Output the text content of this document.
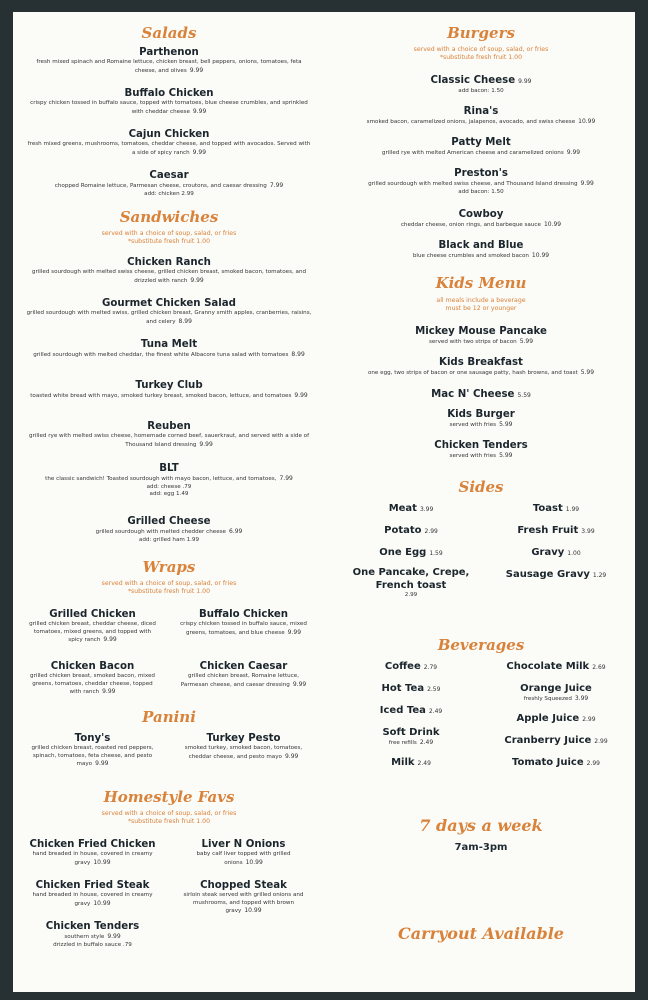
Salads
Parthenon
fresh mixed spinach and Romaine lettuce, chicken breast, bell peppers, onions, tomatoes, feta cheese, and olives 9.99
Buffalo Chicken
crispy chicken tossed in buffalo sauce, topped with tomatoes, blue cheese crumbles, and sprinkled with cheddar cheese 9.99
Cajun Chicken
fresh mixed greens, mushrooms, tomatoes, cheddar cheese, and topped with avocados. Served with a side of spicy ranch 9.99
Caesar
chopped Romaine lettuce, Parmesan cheese, croutons, and caesar dressing 7.99
add: chicken 2.99
Sandwiches
served with a choice of soup, salad, or fries
*substitute fresh fruit 1.00
Chicken Ranch
grilled sourdough with melted swiss cheese, grilled chicken breast, smoked bacon, tomatoes, and drizzled with ranch 9.99
Gourmet Chicken Salad
grilled sourdough with melted swiss, grilled chicken breast, Granny smith apples, cranberries, raisins, and celery 8.99
Tuna Melt
grilled sourdough with melted cheddar, the finest white Albacore tuna salad with tomatoes 8.99
Turkey Club
toasted white bread with mayo, smoked turkey breast, smoked bacon, lettuce, and tomatoes 9.99
Reuben
grilled rye with melted swiss cheese, homemade corned beef, sauerkraut, and served with a side of Thousand Island dressing 9.99
BLT
the classic sandwich! Toasted sourdough with mayo bacon, lettuce, and tomatoes, 7.99
add: cheese .79
add: egg 1.49
Grilled Cheese
grilled sourdough with melted chedder cheese 6.99
add: grilled ham 1.99
Wraps
served with a choice of soup, salad, or fries
*substitute fresh fruit 1.00
Grilled Chicken
grilled chicken breast, cheddar cheese, diced tomatoes, mixed greens, and topped with spicy ranch 9.99
Buffalo Chicken
crispy chicken tossed in buffalo sauce, mixed greens, tomatoes, and blue cheese 9.99
Chicken Bacon
grilled chicken breast, smoked bacon, mixed greens, tomatoes, cheddar cheese, topped with ranch 9.99
Chicken Caesar
grilled chicken breast, Romaine lettuce, Parmesan cheese, and caesar dressing 9.99
Panini
Tony's
grilled chicken breast, roasted red peppers, spinach, tomatoes, feta cheese, and pesto mayo 9.99
Turkey Pesto
smoked turkey, smoked bacon, tomatoes, cheddar cheese, and pesto mayo 9.99
Homestyle Favs
served with a choice of soup, salad, or fries
*substitute fresh fruit 1.00
Chicken Fried Chicken
hand breaded in house, covered in creamy gravy 10.99
Liver N Onions
baby calf liver topped with grilled onions 10.99
Chicken Fried Steak
hand breaded in house, covered in creamy gravy 10.99
Chopped Steak
sirloin steak served with grilled onions and mushrooms, and topped with brown gravy 10.99
Chicken Tenders
southern style 9.99
drizzled in buffalo sauce .79
Burgers
served with a choice of soup, salad, or fries
*substitute fresh fruit 1.00
Classic Cheese 9.99
add bacon: 1.50
Rina's
smoked bacon, caramelized onions, jalapenos, avocado, and swiss cheese 10.99
Patty Melt
grilled rye with melted American cheese and caramelized onions 9.99
Preston's
grilled sourdough with melted swiss cheese, and Thousand Island dressing 9.99
add bacon: 1.50
Cowboy
cheddar cheese, onion rings, and barbeque sauce 10.99
Black and Blue
blue cheese crumbles and smoked bacon 10.99
Kids Menu
all meals include a beverage
must be 12 or younger
Mickey Mouse Pancake
served with two strips of bacon 5.99
Kids Breakfast
one egg, two strips of bacon or one sausage patty, hash browns, and toast 5.99
Mac N' Cheese 5.59
Kids Burger
served with fries 5.99
Chicken Tenders
served with fries 5.99
Sides
Meat 3.99	Toast 1.99
Potato 2.99	Fresh Fruit 3.99
One Egg 1.59	Gravy 1.00
One Pancake, Crepe, French toast
2.99
Sausage Gravy 1.29
Beverages
Coffee 2.79	Chocolate Milk 2.69
Hot Tea 2.59	Orange Juice
freshly Squeezed 3.99
Iced Tea 2.49
Apple Juice 2.99
Soft Drink
free refills 2.49	Cranberry Juice 2.99
Milk 2.49	Tomato Juice 2.99
7 days a week
7am-3pm
Carryout Available
